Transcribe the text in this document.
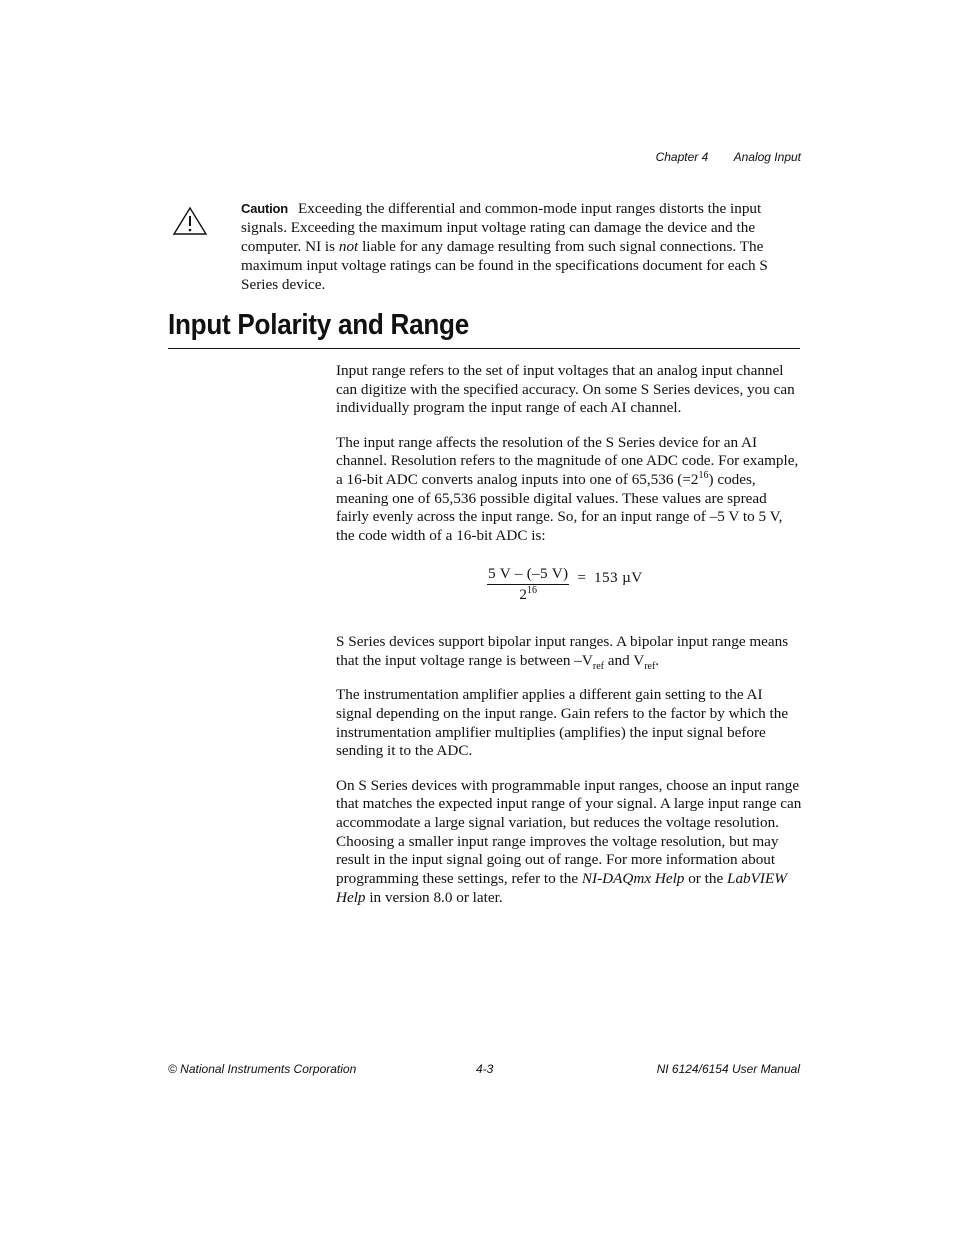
Chapter 4 Analog Input
Caution Exceeding the differential and common-mode input ranges distorts the input signals. Exceeding the maximum input voltage rating can damage the device and the computer. NI is not liable for any damage resulting from such signal connections. The maximum input voltage ratings can be found in the specifications document for each S Series device.
Input Polarity and Range

Input range refers to the set of input voltages that an analog input channel can digitize with the specified accuracy. On some S Series devices, you can individually program the input range of each AI channel.

The input range affects the resolution of the S Series device for an AI channel. Resolution refers to the magnitude of one ADC code. For example, a 16-bit ADC converts analog inputs into one of 65,536 $(=2^{16})$ codes, meaning one of 65,536 possible digital values. These values are spread fairly evenly across the input range. So, for an input range of –5 V to 5 V, the code width of a 16-bit ADC is:

S Series devices support bipolar input ranges. A bipolar input range means that the input voltage range is between $-V_{ref}$ and $V_{ref}$.

The instrumentation amplifier applies a different gain setting to the AI signal depending on the input range. Gain refers to the factor by which the instrumentation amplifier multiplies (amplifies) the input signal before sending it to the ADC.

On S Series devices with programmable input ranges, choose an input range that matches the expected input range of your signal. A large input range can accommodate a large signal variation, but reduces the voltage resolution. Choosing a smaller input range improves the voltage resolution, but may result in the input signal going out of range. For more information about programming these settings, refer to the NI-DAQmx Help or the LabVIEW Help in version 8.0 or later.

$\frac{5 V - (-5 V)}{2^{16}} = 153$ µV
© National Instruments Corporation	4-3	NI 6124/6154 User Manual
